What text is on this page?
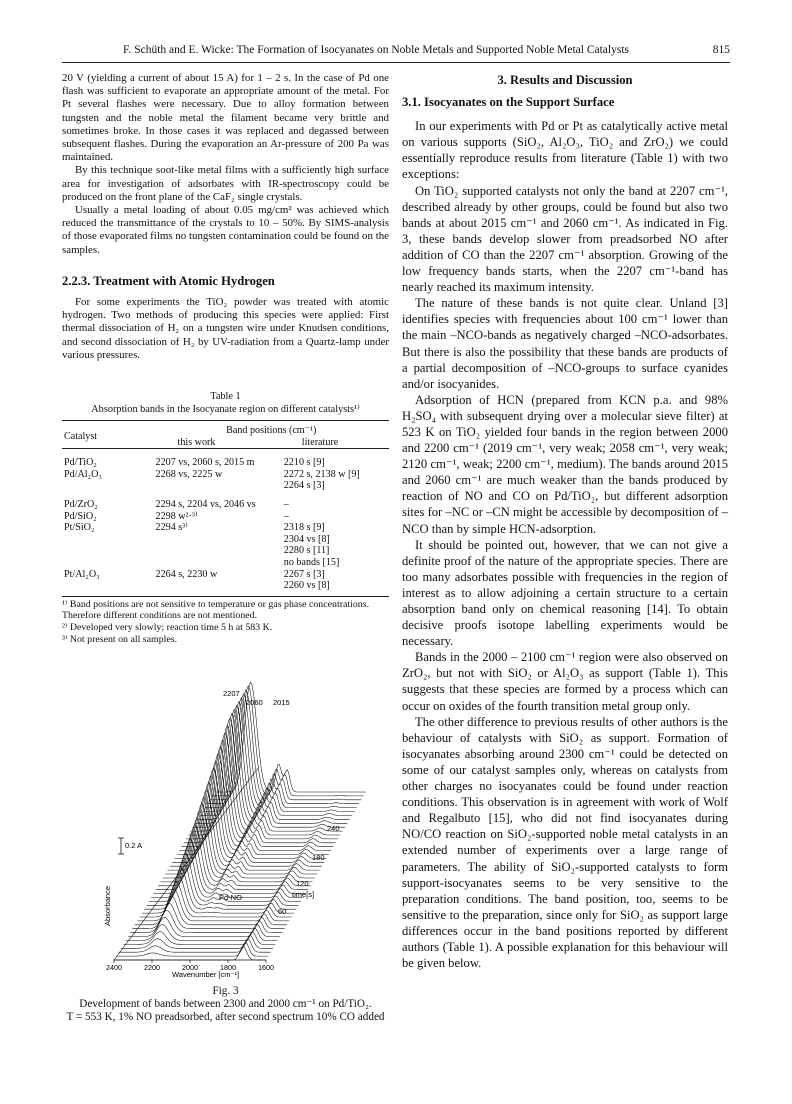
F. Schüth and E. Wicke: The Formation of Isocyanates on Noble Metals and Supported Noble Metal Catalysts	815

20 V (yielding a current of about 15 A) for 1 – 2 s. In the case of Pd one flash was sufficient to evaporate an appropriate amount of the metal. For Pt several flashes were necessary. Due to alloy formation between tungsten and the noble metal the filament became very brittle and sometimes broke. In those cases it was replaced and degassed between subsequent flashes. During the evaporation an Ar-pressure of 200 Pa was maintained.

By this technique soot-like metal films with a sufficiently high surface area for investigation of adsorbates with IR-spectroscopy could be produced on the front plane of the CaF₂ single crystals.

Usually a metal loading of about 0.05 mg/cm² was achieved which reduced the transmittance of the crystals to 10 – 50%. By SIMS-analysis of those evaporated films no tungsten contamination could be found on the samples.

2.2.3. Treatment with Atomic Hydrogen

For some experiments the TiO₂ powder was treated with atomic hydrogen. Two methods of producing this species were applied: First thermal dissociation of H₂ on a tungsten wire under Knudsen conditions, and second dissociation of H₂ by UV-radiation from a Quartz-lamp under various pressures.

Table 1
Absorption bands in the Isocyanate region on different catalysts¹⁾

Catalyst	Band positions (cm⁻¹)	
	this work	literature

Pd/TiO₂	2207 vs, 2060 s, 2015 m	2210 s [9]
Pd/Al₂O₃	2268 vs, 2225 w	2272 s, 2138 w [9]
		2264 s [3]

Pd/ZrO₂	2294 s, 2204 vs, 2046 vs	–
Pd/SiO₂	2298 w²·³⁾	–
Pt/SiO₂	2294 s³⁾	2318 s [9]
		2304 vs [8]
		2280 s [11]
		no bands [15]
Pt/Al₂O₃	2264 s, 2230 w	2267 s [3]
		2260 vs [8]

¹⁾ Band positions are not sensitive to temperature or gas phase concentrations. Therefore different conditions are not mentioned.

²⁾ Developed very slowly; reaction time 5 h at 583 K.

³⁾ Not present on all samples.

2400	2200	2000	1800	1600
0.2 A
Absorbance
2207
2060 2015
240
180
120
60
time[s]
Pd-NO
Wavenumber [cm⁻¹]
Fig. 3
Development of bands between 2300 and 2000 cm⁻¹ on Pd/TiO₂.
T = 553 K, 1% NO preadsorbed, after second spectrum 10% CO added
3. Results and Discussion
3.1. Isocyanates on the Support Surface

In our experiments with Pd or Pt as catalytically active metal on various supports (SiO₂, Al₂O₃, TiO₂ and ZrO₂) we could essentially reproduce results from literature (Table 1) with two exceptions:

On TiO₂ supported catalysts not only the band at 2207 cm⁻¹, described already by other groups, could be found but also two bands at about 2015 cm⁻¹ and 2060 cm⁻¹. As indicated in Fig. 3, these bands develop slower from preadsorbed NO after addition of CO than the 2207 cm⁻¹ absorption. Growing of the low frequency bands starts, when the 2207 cm⁻¹-band has nearly reached its maximum intensity.

The nature of these bands is not quite clear. Unland [3] identifies species with frequencies about 100 cm⁻¹ lower than the main –NCO-bands as negatively charged –NCO-adsorbates. But there is also the possibility that these bands are products of a partial decomposition of –NCO-groups to surface cyanides and/or isocyanides.

Adsorption of HCN (prepared from KCN p.a. and 98% H₂SO₄ with subsequent drying over a molecular sieve filter) at 523 K on TiO₂ yielded four bands in the region between 2000 and 2200 cm⁻¹ (2019 cm⁻¹, very weak; 2058 cm⁻¹, very weak; 2120 cm⁻¹, weak; 2200 cm⁻¹, medium). The bands around 2015 and 2060 cm⁻¹ are much weaker than the bands produced by reaction of NO and CO on Pd/TiO₂, but different adsorption sites for –NC or –CN might be accessible by decomposition of –NCO than by simple HCN-adsorption.

It should be pointed out, however, that we can not give a definite proof of the nature of the appropriate species. There are too many adsorbates possible with frequencies in the region of interest as to allow adjoining a certain structure to a certain absorption band only on chemical reasoning [14]. To obtain decisive proofs isotope labelling experiments would be necessary.

Bands in the 2000 – 2100 cm⁻¹ region were also observed on ZrO₂, but not with SiO₂ or Al₂O₃ as support (Table 1). This suggests that these species are formed by a process which can occur on oxides of the fourth transition metal group only.

The other difference to previous results of other authors is the behaviour of catalysts with SiO₂ as support. Formation of isocyanates absorbing around 2300 cm⁻¹ could be detected on some of our catalyst samples only, whereas on catalysts from other charges no isocyanates could be found under reaction conditions. This observation is in agreement with work of Wolf and Regalbuto [15], who did not find isocyanates during NO/CO reaction on SiO₂-supported noble metal catalysts in an extended number of experiments over a large range of parameters. The ability of SiO₂-supported catalysts to form support-isocyanates seems to be very sensitive to the preparation conditions. The band position, too, seems to be sensitive to the preparation, since only for SiO₂ as support large differences occur in the band positions reported by different authors (Table 1). A possible explanation for this behaviour will be given below.
